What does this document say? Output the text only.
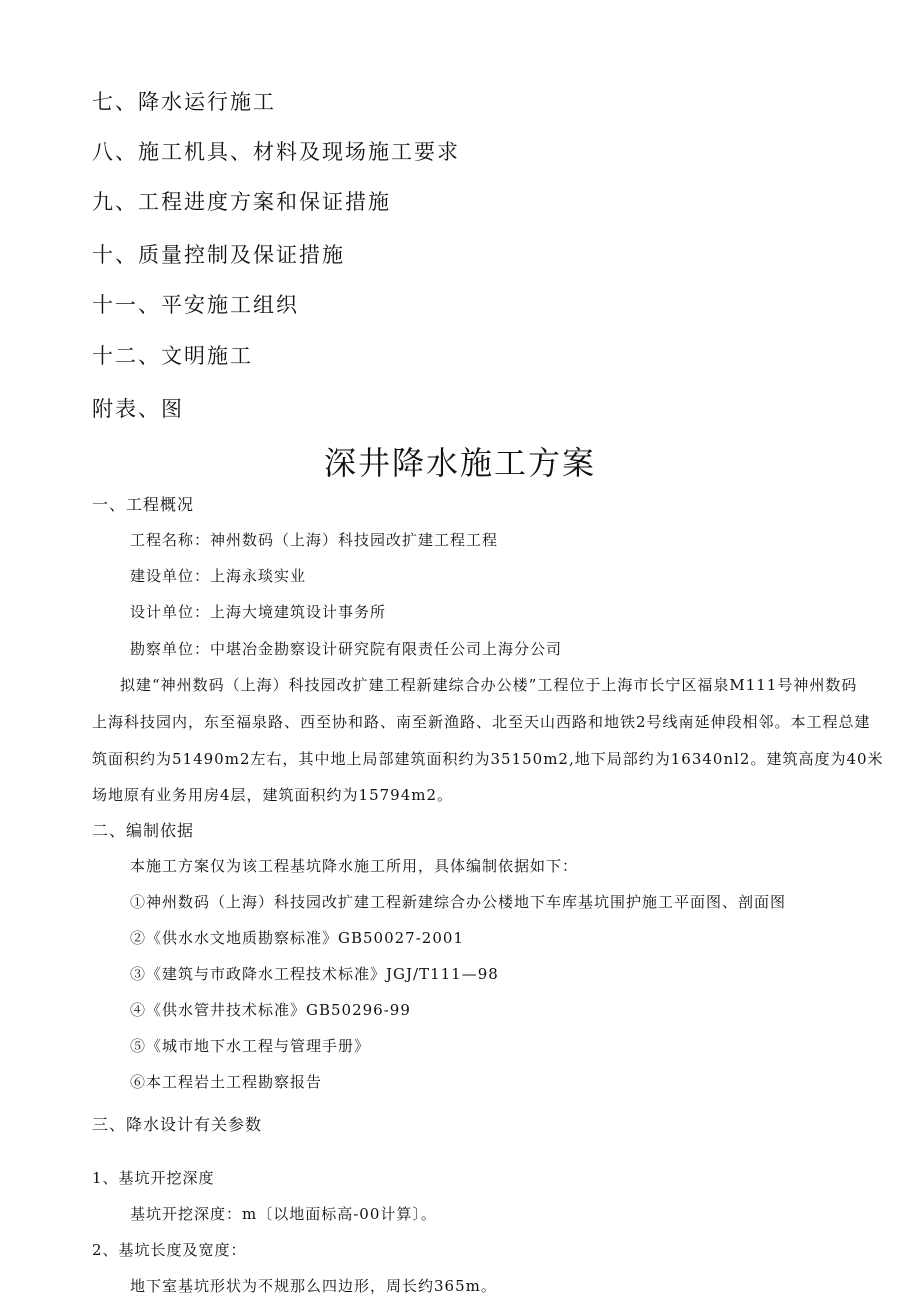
七、降水运行施工
八、施工机具、材料及现场施工要求
九、工程进度方案和保证措施
十、质量控制及保证措施
十一、平安施工组织
十二、文明施工
附表、图
深井降水施工方案
一、工程概况
工程名称：神州数码（上海）科技园改扩建工程工程
建设单位：上海永琰实业
设计单位：上海大境建筑设计事务所
勘察单位：中堪冶金勘察设计研究院有限责任公司上海分公司
拟建“神州数码（上海）科技园改扩建工程新建综合办公楼”工程位于上海市长宁区福泉M111号神州数码
上海科技园内，东至福泉路、西至协和路、南至新渔路、北至天山西路和地铁2号线南延伸段相邻。本工程总建
筑面积约为51490m2左右，其中地上局部建筑面积约为35150m2,地下局部约为16340nl2。建筑高度为40米
场地原有业务用房4层，建筑面积约为15794m2。
二、编制依据
本施工方案仅为该工程基坑降水施工所用，具体编制依据如下：
①神州数码（上海）科技园改扩建工程新建综合办公楼地下车库基坑围护施工平面图、剖面图
②《供水水文地质勘察标准》GB50027-2001
③《建筑与市政降水工程技术标准》JGJ/T111—98
④《供水管井技术标准》GB50296-99
⑤《城市地下水工程与管理手册》
⑥本工程岩土工程勘察报告
三、降水设计有关参数
1、基坑开挖深度
基坑开挖深度：m〔以地面标高-00计算〕。
2、基坑长度及宽度：
地下室基坑形状为不规那么四边形，周长约365m。
